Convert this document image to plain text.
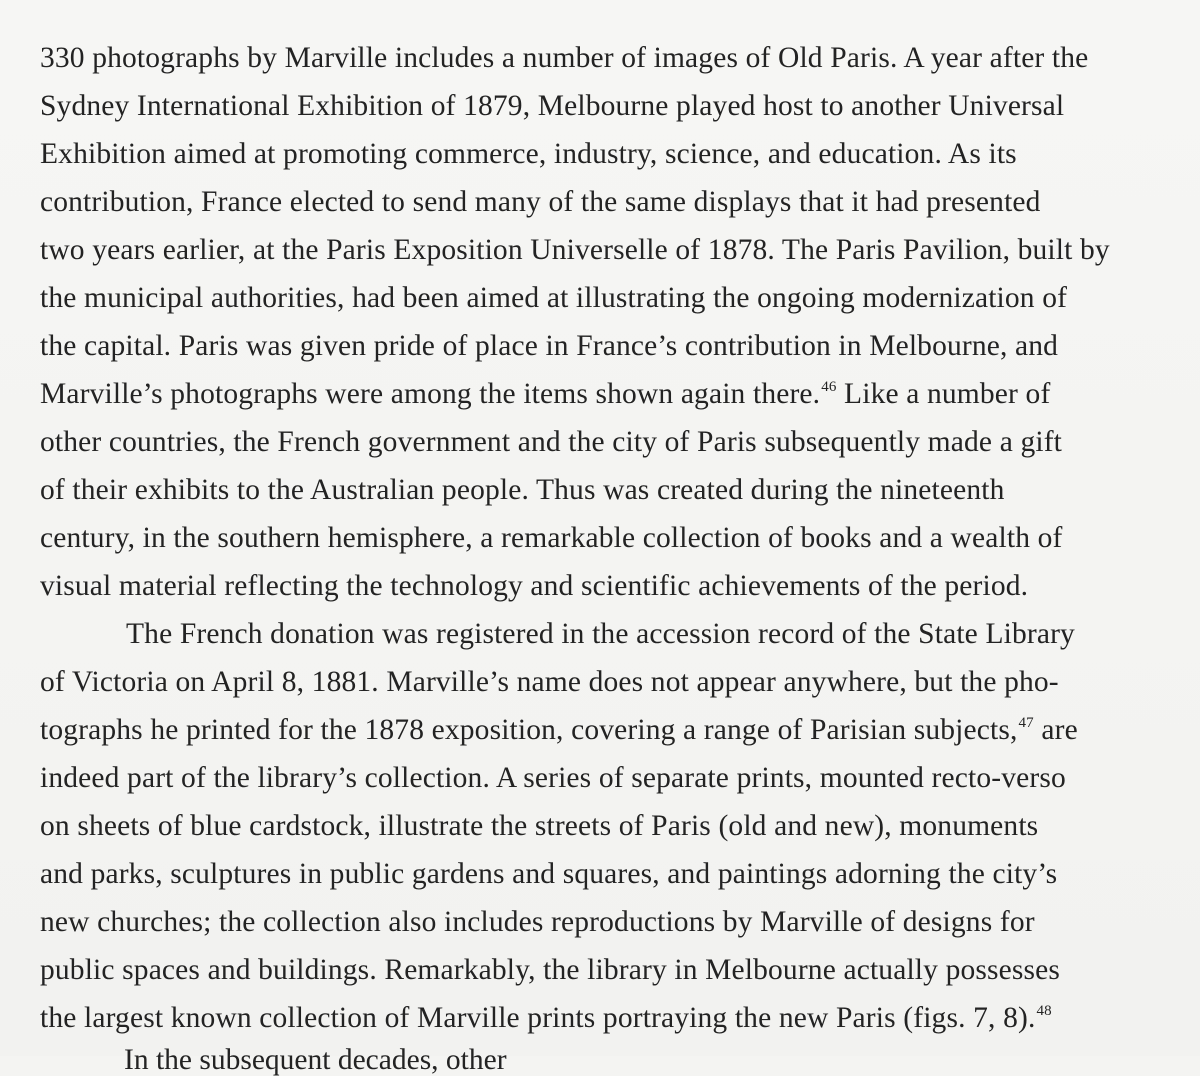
330 photographs by Marville includes a number of images of Old Paris. A year after the
Sydney International Exhibition of 1879, Melbourne played host to another Universal
Exhibition aimed at promoting commerce, industry, science, and education. As its
contribution, France elected to send many of the same displays that it had presented
two years earlier, at the Paris Exposition Universelle of 1878. The Paris Pavilion, built by
the municipal authorities, had been aimed at illustrating the ongoing modernization of
the capital. Paris was given pride of place in France’s contribution in Melbourne, and
Marville’s photographs were among the items shown again there.$^{46}$ Like a number of
other countries, the French government and the city of Paris subsequently made a gift
of their exhibits to the Australian people. Thus was created during the nineteenth
century, in the southern hemisphere, a remarkable collection of books and a wealth of
visual material reflecting the technology and scientific achievements of the period.
The French donation was registered in the accession record of the State Library
of Victoria on April 8, 1881. Marville’s name does not appear anywhere, but the pho-
tographs he printed for the 1878 exposition, covering a range of Parisian subjects,$^{47}$ are
indeed part of the library’s collection. A series of separate prints, mounted recto-verso
on sheets of blue cardstock, illustrate the streets of Paris (old and new), monuments
and parks, sculptures in public gardens and squares, and paintings adorning the city’s
new churches; the collection also includes reproductions by Marville of designs for
public spaces and buildings. Remarkably, the library in Melbourne actually possesses
the largest known collection of Marville prints portraying the new Paris (figs. 7, 8).$^{48}$
In the subsequent decades, other
